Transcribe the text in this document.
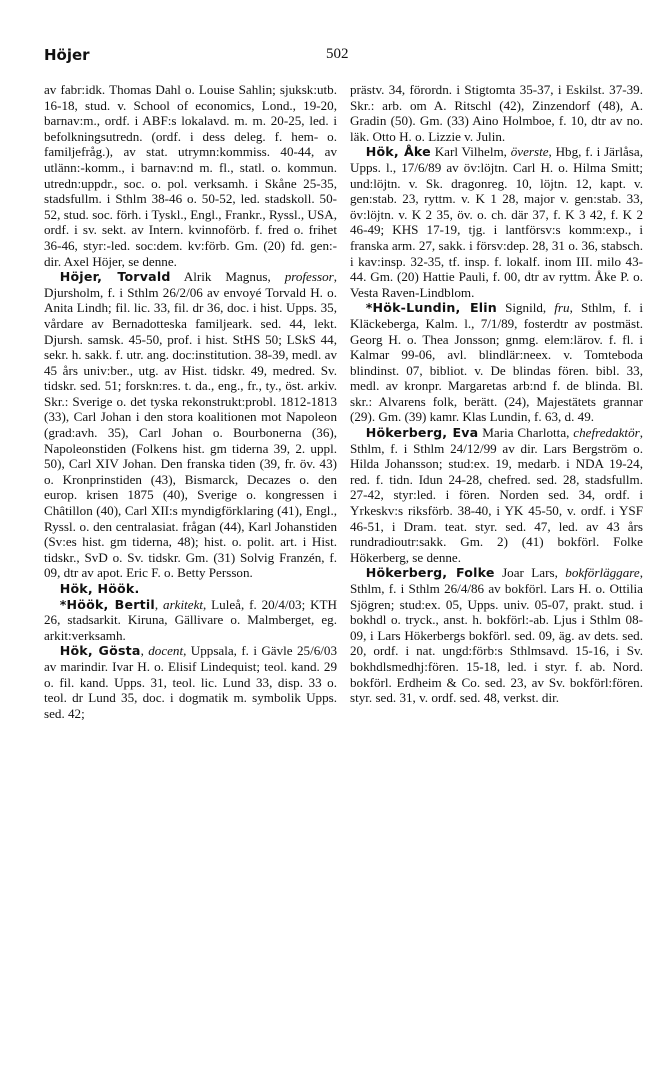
Höjer	502

av fabr:idk. Thomas Dahl o. Louise Sahlin; sjuksk:utb. 16-18, stud. v. School of economics, Lond., 19-20, barnav:m., ordf. i ABF:s lokalavd. m. m. 20-25, led. i befolkningsutredn. (ordf. i dess deleg. f. hem- o. familjefråg.), av stat. utrymn:kommiss. 40-44, av utlänn:-komm., i barnav:nd m. fl., statl. o. kommun. utredn:uppdr., soc. o. pol. verksamh. i Skåne 25-35, stadsfullm. i Sthlm 38-46 o. 50-52, led. stadskoll. 50-52, stud. soc. förh. i Tyskl., Engl., Frankr., Ryssl., USA, ordf. i sv. sekt. av Intern. kvinnoförb. f. fred o. frihet 36-46, styr:-led. soc:dem. kv:förb. Gm. (20) fd. gen:-dir. Axel Höjer, se denne.

Höjer, Torvald Alrik Magnus, professor, Djursholm, f. i Sthlm 26/2/06 av envoyé Torvald H. o. Anita Lindh; fil. lic. 33, fil. dr 36, doc. i hist. Upps. 35, vårdare av Bernadotteska familjeark. sed. 44, lekt. Djursh. samsk. 45-50, prof. i hist. StHS 50; LSkS 44, sekr. h. sakk. f. utr. ang. doc:institution. 38-39, medl. av 45 års univ:ber., utg. av Hist. tidskr. 49, medred. Sv. tidskr. sed. 51; forskn:res. t. da., eng., fr., ty., öst. arkiv. Skr.: Sverige o. det tyska rekonstrukt:probl. 1812-1813 (33), Carl Johan i den stora koalitionen mot Napoleon (grad:avh. 35), Carl Johan o. Bourbonerna (36), Napoleonstiden (Folkens hist. gm tiderna 39, 2. uppl. 50), Carl XIV Johan. Den franska tiden (39, fr. öv. 43) o. Kronprinstiden (43), Bismarck, Decazes o. den europ. krisen 1875 (40), Sverige o. kongressen i Châtillon (40), Carl XII:s myndigförklaring (41), Engl., Ryssl. o. den centralasiat. frågan (44), Karl Johanstiden (Sv:es hist. gm tiderna, 48); hist. o. polit. art. i Hist. tidskr., SvD o. Sv. tidskr. Gm. (31) Solvig Franzén, f. 09, dtr av apot. Eric F. o. Betty Persson.

Hök, Höök.

*Höök, Bertil, arkitekt, Luleå, f. 20/4/03; KTH 26, stadsarkit. Kiruna, Gällivare o. Malmberget, eg. arkit:verksamh.

Hök, Gösta, docent, Uppsala, f. i Gävle 25/6/03 av marindir. Ivar H. o. Elisif Lindequist; teol. kand. 29 o. fil. kand. Upps. 31, teol. lic. Lund 33, disp. 33 o. teol. dr Lund 35, doc. i dogmatik m. symbolik Upps. sed. 42;

prästv. 34, förordn. i Stigtomta 35-37, i Eskilst. 37-39. Skr.: arb. om A. Ritschl (42), Zinzendorf (48), A. Gradin (50). Gm. (33) Aino Holmboe, f. 10, dtr av no. läk. Otto H. o. Lizzie v. Julin.

Hök, Åke Karl Vilhelm, överste, Hbg, f. i Järlåsa, Upps. l., 17/6/89 av öv:löjtn. Carl H. o. Hilma Smitt; und:löjtn. v. Sk. dragonreg. 10, löjtn. 12, kapt. v. gen:stab. 23, ryttm. v. K 1 28, major v. gen:stab. 33, öv:löjtn. v. K 2 35, öv. o. ch. där 37, f. K 3 42, f. K 2 46-49; KHS 17-19, tjg. i lantförsv:s komm:exp., i franska arm. 27, sakk. i försv:dep. 28, 31 o. 36, stabsch. i kav:insp. 32-35, tf. insp. f. lokalf. inom III. milo 43-44. Gm. (20) Hattie Pauli, f. 00, dtr av ryttm. Åke P. o. Vesta Raven-Lindblom.

*Hök-Lundin, Elin Signild, fru, Sthlm, f. i Kläckeberga, Kalm. l., 7/1/89, fosterdtr av postmäst. Georg H. o. Thea Jonsson; gnmg. elem:lärov. f. fl. i Kalmar 99-06, avl. blindlär:neex. v. Tomteboda blindinst. 07, bibliot. v. De blindas fören. bibl. 33, medl. av kronpr. Margaretas arb:nd f. de blinda. Bl. skr.: Alvarens folk, berätt. (24), Majestätets grannar (29). Gm. (39) kamr. Klas Lundin, f. 63, d. 49.

Hökerberg, Eva Maria Charlotta, chefredaktör, Sthlm, f. i Sthlm 24/12/99 av dir. Lars Bergström o. Hilda Johansson; stud:ex. 19, medarb. i NDA 19-24, red. f. tidn. Idun 24-28, chefred. sed. 28, stadsfullm. 27-42, styr:led. i fören. Norden sed. 34, ordf. i Yrkeskv:s riksförb. 38-40, i YK 45-50, v. ordf. i YSF 46-51, i Dram. teat. styr. sed. 47, led. av 43 års rundradioutr:sakk. Gm. 2) (41) bokförl. Folke Hökerberg, se denne.

Hökerberg, Folke Joar Lars, bokförläggare, Sthlm, f. i Sthlm 26/4/86 av bokförl. Lars H. o. Ottilia Sjögren; stud:ex. 05, Upps. univ. 05-07, prakt. stud. i bokhdl o. tryck., anst. h. bokförl:-ab. Ljus i Sthlm 08-09, i Lars Hökerbergs bokförl. sed. 09, äg. av dets. sed. 20, ordf. i nat. ungd:förb:s Sthlmsavd. 15-16, i Sv. bokhdlsmedhj:fören. 15-18, led. i styr. f. ab. Nord. bokförl. Erdheim & Co. sed. 23, av Sv. bokförl:fören. styr. sed. 31, v. ordf. sed. 48, verkst. dir.
